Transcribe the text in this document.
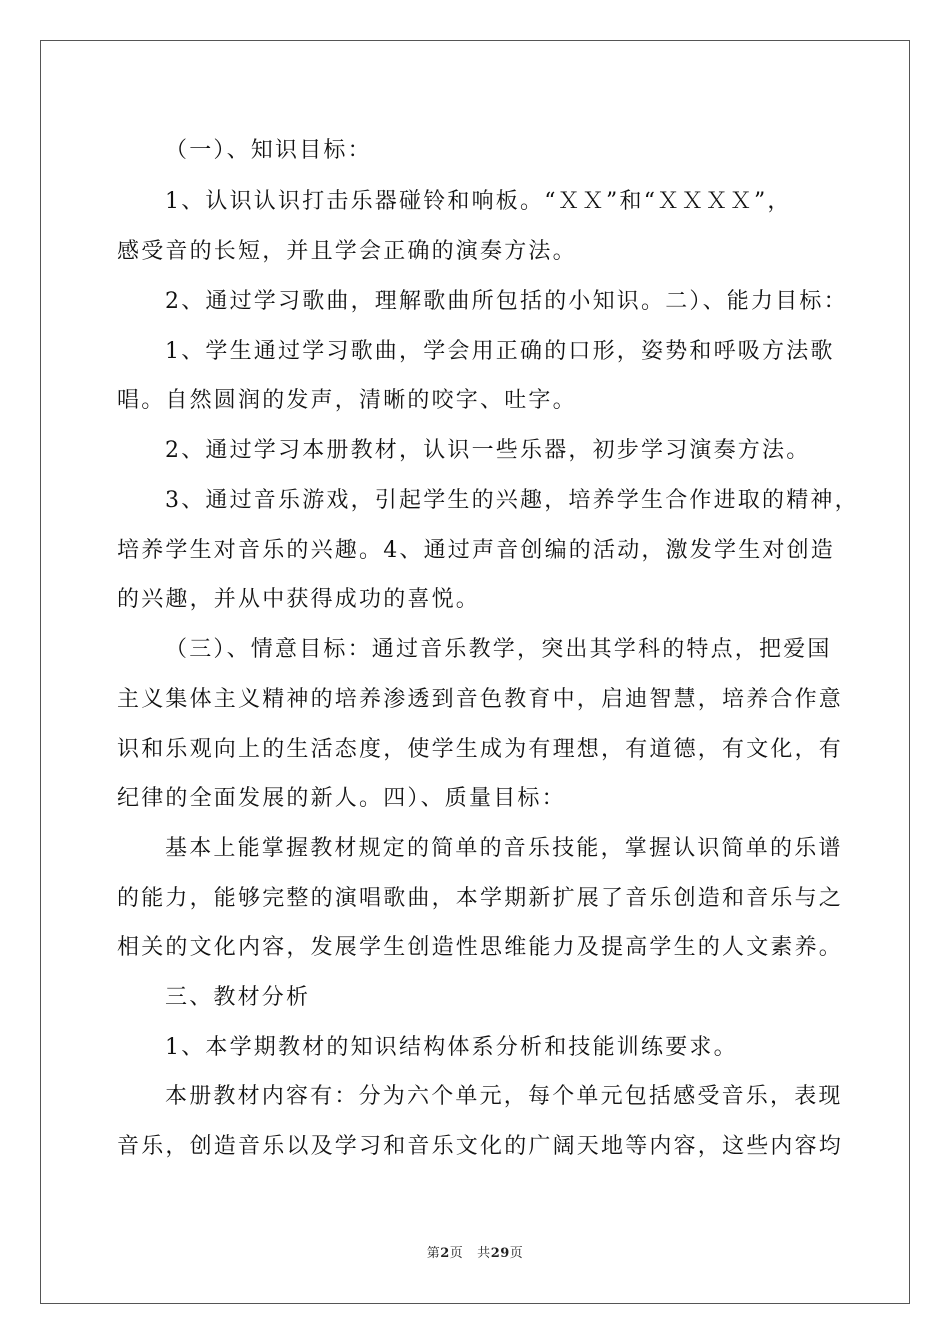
（一）、知识目标：
1、认识认识打击乐器碰铃和响板。“ＸＸ”和“ＸＸＸＸ”，
感受音的长短，并且学会正确的演奏方法。
2、通过学习歌曲，理解歌曲所包括的小知识。二）、能力目标：
1、学生通过学习歌曲，学会用正确的口形，姿势和呼吸方法歌
唱。自然圆润的发声，清晰的咬字、吐字。
2、通过学习本册教材，认识一些乐器，初步学习演奏方法。
3、通过音乐游戏，引起学生的兴趣，培养学生合作进取的精神，
培养学生对音乐的兴趣。4、通过声音创编的活动，激发学生对创造
的兴趣，并从中获得成功的喜悦。
（三）、情意目标：通过音乐教学，突出其学科的特点，把爱国
主义集体主义精神的培养渗透到音色教育中，启迪智慧，培养合作意
识和乐观向上的生活态度，使学生成为有理想，有道德，有文化，有
纪律的全面发展的新人。四）、质量目标：
基本上能掌握教材规定的简单的音乐技能，掌握认识简单的乐谱
的能力，能够完整的演唱歌曲，本学期新扩展了音乐创造和音乐与之
相关的文化内容，发展学生创造性思维能力及提高学生的人文素养。
三、教材分析
1、本学期教材的知识结构体系分析和技能训练要求。
本册教材内容有：分为六个单元，每个单元包括感受音乐，表现
音乐，创造音乐以及学习和音乐文化的广阔天地等内容，这些内容均
第2页 共29页
